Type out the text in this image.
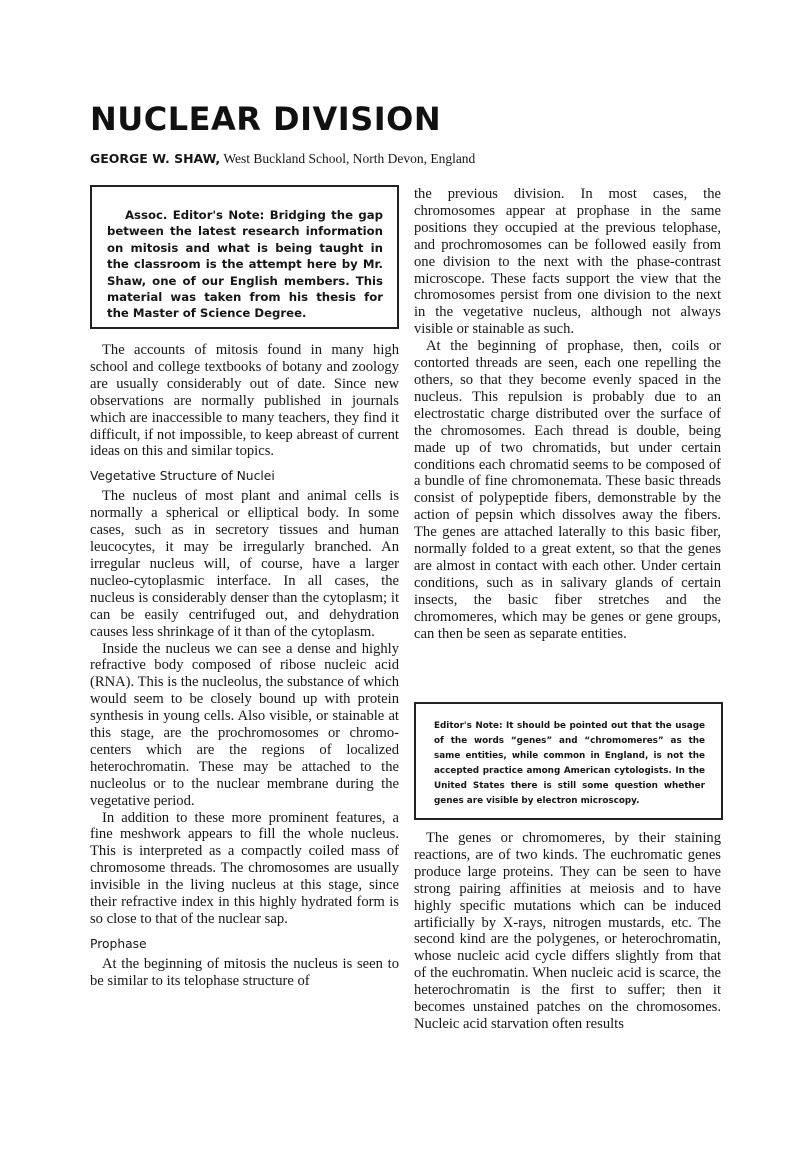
NUCLEAR DIVISION
GEORGE W. SHAW, West Buckland School, North Devon, England
Assoc. Editor's Note: Bridging the gap between the latest research information on mitosis and what is being taught in the classroom is the attempt here by Mr. Shaw, one of our English members. This material was taken from his thesis for the Master of Science Degree.

The accounts of mitosis found in many high school and college textbooks of botany and zoology are usually considerably out of date. Since new observations are normally published in journals which are inaccessible to many teachers, they find it difficult, if not impossible, to keep abreast of current ideas on this and similar topics.

Vegetative Structure of Nuclei

The nucleus of most plant and animal cells is normally a spherical or elliptical body. In some cases, such as in secretory tissues and human leucocytes, it may be irregularly branched. An irregular nucleus will, of course, have a larger nucleo-cytoplasmic interface. In all cases, the nucleus is considerably denser than the cytoplasm; it can be easily centrifuged out, and dehydration causes less shrinkage of it than of the cytoplasm.

Inside the nucleus we can see a dense and highly refractive body composed of ribose nucleic acid (RNA). This is the nucleolus, the substance of which would seem to be closely bound up with protein synthesis in young cells. Also visible, or stainable at this stage, are the prochromosomes or chromocenters which are the regions of localized heterochromatin. These may be attached to the nucleolus or to the nuclear membrane during the vegetative period.

In addition to these more prominent features, a fine meshwork appears to fill the whole nucleus. This is interpreted as a compactly coiled mass of chromosome threads. The chromosomes are usually invisible in the living nucleus at this stage, since their refractive index in this highly hydrated form is so close to that of the nuclear sap.

Prophase

At the beginning of mitosis the nucleus is seen to be similar to its telophase structure of

the previous division. In most cases, the chromosomes appear at prophase in the same positions they occupied at the previous telophase, and prochromosomes can be followed easily from one division to the next with the phase-contrast microscope. These facts support the view that the chromosomes persist from one division to the next in the vegetative nucleus, although not always visible or stainable as such.

At the beginning of prophase, then, coils or contorted threads are seen, each one repelling the others, so that they become evenly spaced in the nucleus. This repulsion is probably due to an electrostatic charge distributed over the surface of the chromosomes. Each thread is double, being made up of two chromatids, but under certain conditions each chromatid seems to be composed of a bundle of fine chromonemata. These basic threads consist of polypeptide fibers, demonstrable by the action of pepsin which dissolves away the fibers. The genes are attached laterally to this basic fiber, normally folded to a great extent, so that the genes are almost in contact with each other. Under certain conditions, such as in salivary glands of certain insects, the basic fiber stretches and the chromomeres, which may be genes or gene groups, can then be seen as separate entities.

Editor's Note: It should be pointed out that the usage of the words “genes” and “chromomeres” as the same entities, while common in England, is not the accepted practice among American cytologists. In the United States there is still some question whether genes are visible by electron microscopy.

The genes or chromomeres, by their staining reactions, are of two kinds. The euchromatic genes produce large proteins. They can be seen to have strong pairing affinities at meiosis and to have highly specific mutations which can be induced artificially by X-rays, nitrogen mustards, etc. The second kind are the polygenes, or heterochromatin, whose nucleic acid cycle differs slightly from that of the euchromatin. When nucleic acid is scarce, the heterochromatin is the first to suffer; then it becomes unstained patches on the chromosomes. Nucleic acid starvation often results
